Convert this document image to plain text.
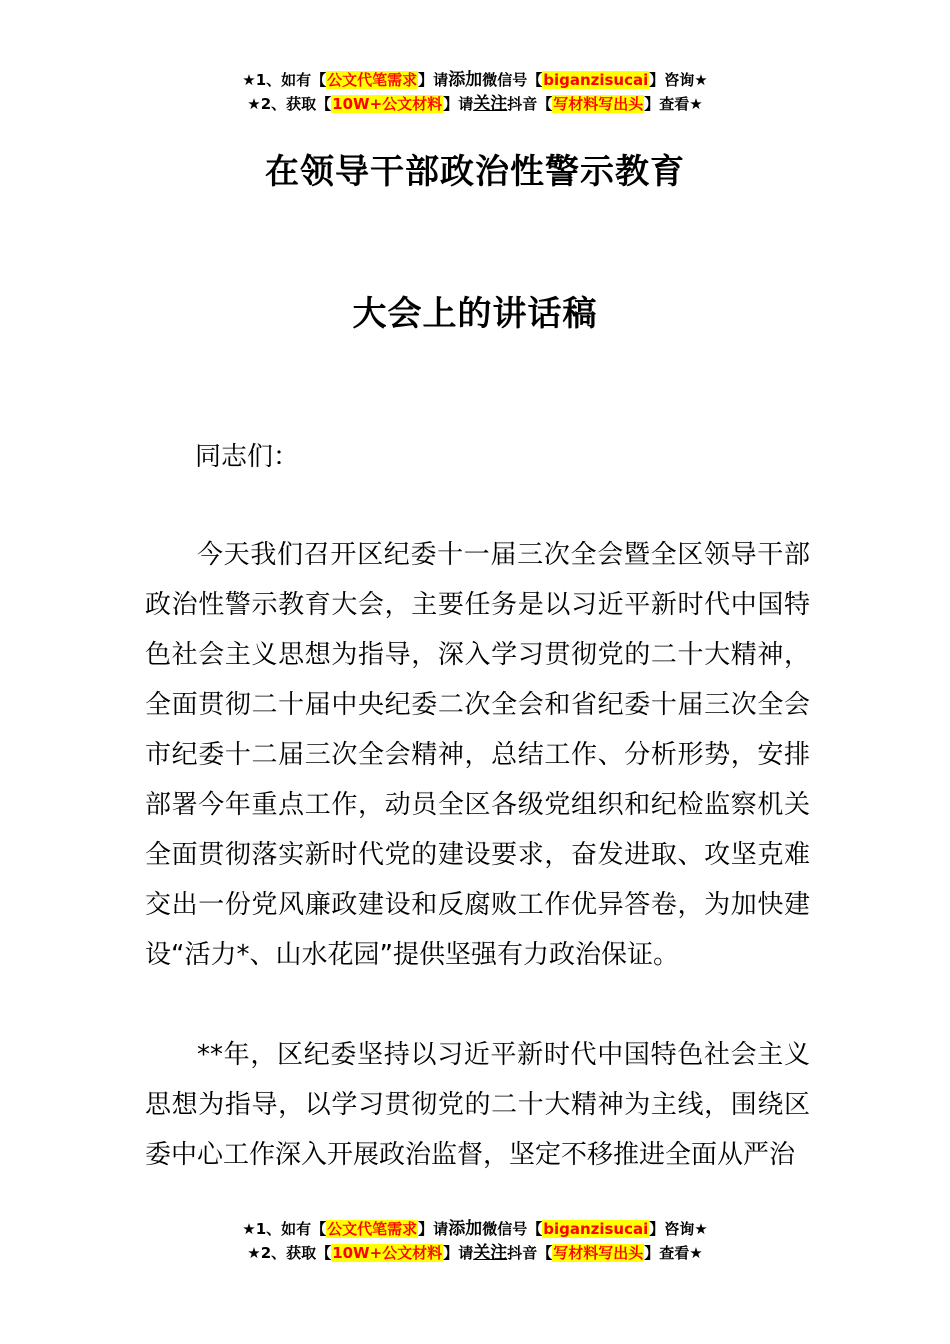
★1、如有【公文代笔需求】请添加微信号【biganzisucai】咨询★
★2、获取【10W+公文材料】请关注抖音【写材料写出头】查看★
在领导干部政治性警示教育
大会上的讲话稿

同志们：

今天我们召开区纪委十一届三次全会暨全区领导干部政治性警示教育大会，主要任务是以习近平新时代中国特色社会主义思想为指导，深入学习贯彻党的二十大精神，全面贯彻二十届中央纪委二次全会和省纪委十届三次全会市纪委十二届三次全会精神，总结工作、分析形势，安排部署今年重点工作，动员全区各级党组织和纪检监察机关全面贯彻落实新时代党的建设要求，奋发进取、攻坚克难交出一份党风廉政建设和反腐败工作优异答卷，为加快建设“活力*、山水花园”提供坚强有力政治保证。

**年，区纪委坚持以习近平新时代中国特色社会主义思想为指导，以学习贯彻党的二十大精神为主线，围绕区委中心工作深入开展政治监督，坚定不移推进全面从严治

★1、如有【公文代笔需求】请添加微信号【biganzisucai】咨询★
★2、获取【10W+公文材料】请关注抖音【写材料写出头】查看★
